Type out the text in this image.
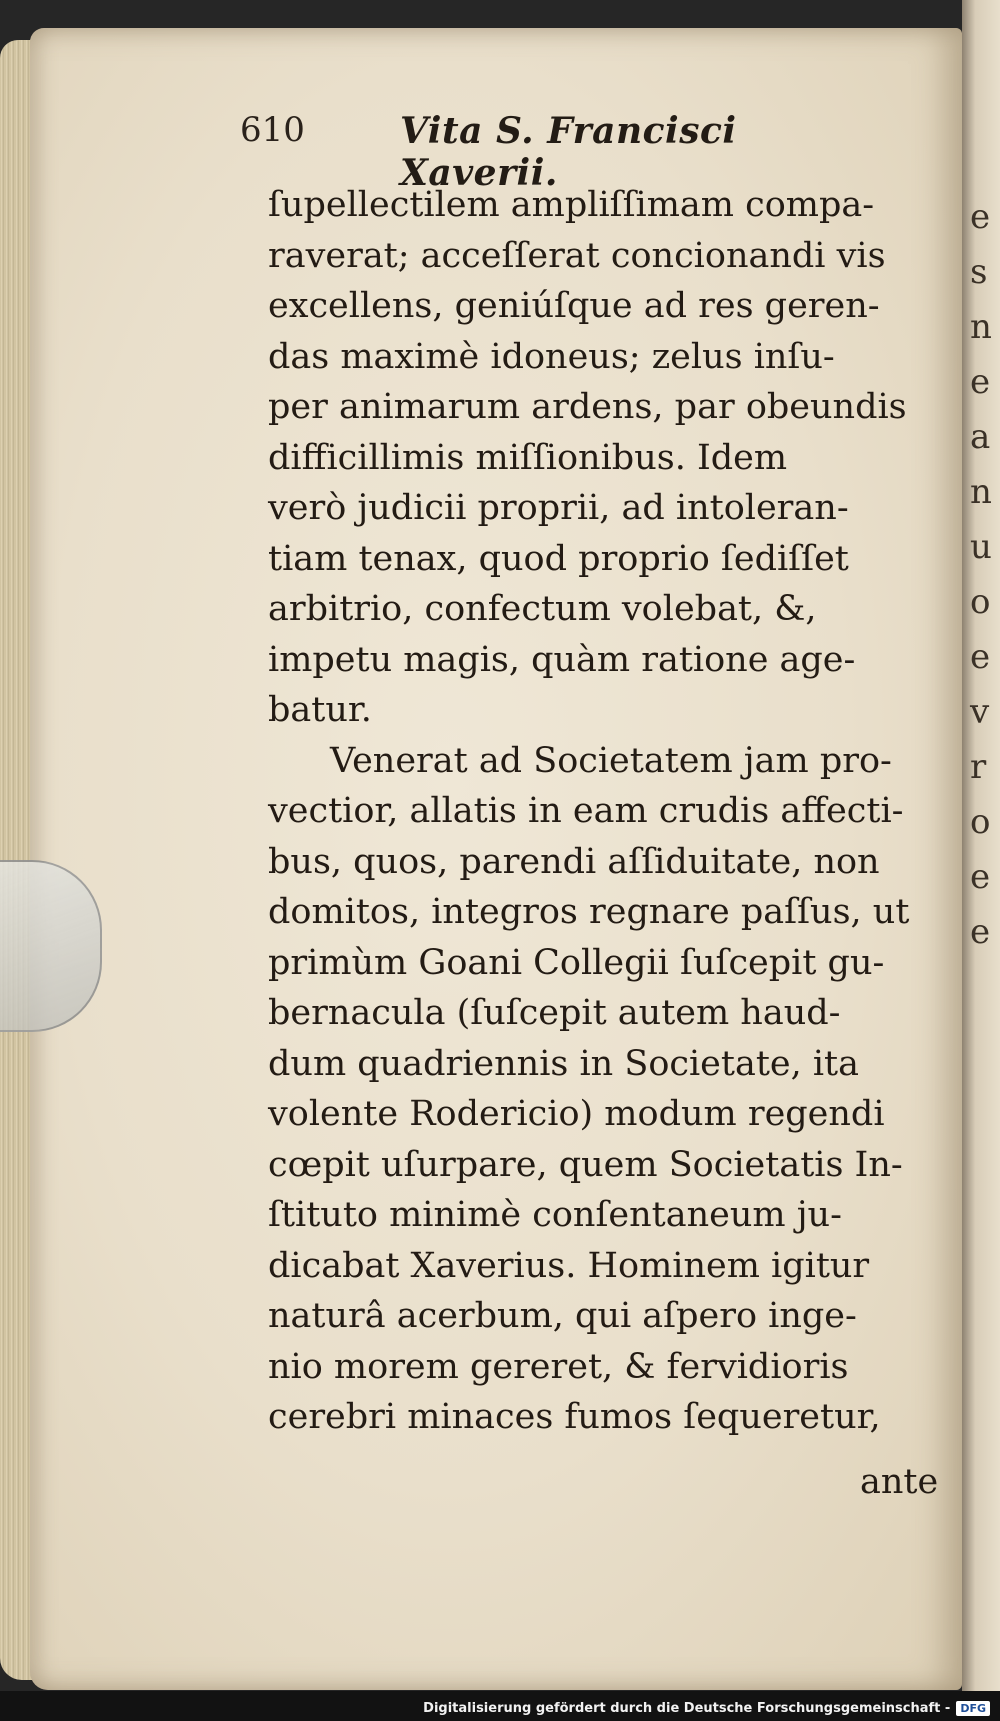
e
s
n
e
a
n
u
o
e
v
r
o
e
e
610	Vita S. Francisci Xaverii.
ſupellectilem ampliſſimam compa-
raverat; acceſſerat concionandi vis
excellens, geniúſque ad res geren-
das maximè idoneus; zelus inſu-
per animarum ardens, par obeundis
difficillimis miſſionibus. Idem
verò judicii proprii, ad intoleran-
tiam tenax, quod proprio ſediſſet
arbitrio, confectum volebat, &,
impetu magis, quàm ratione age-
batur.
Venerat ad Societatem jam pro-
vectior, allatis in eam crudis affecti-
bus, quos, parendi aſſiduitate, non
domitos, integros regnare paſſus, ut
primùm Goani Collegii ſuſcepit gu-
bernacula (ſuſcepit autem haud-
dum quadriennis in Societate, ita
volente Rodericio) modum regendi
cœpit uſurpare, quem Societatis In-
ſtituto minimè conſentaneum ju-
dicabat Xaverius. Hominem igitur
naturâ acerbum, qui aſpero inge-
nio morem gereret, & fervidioris
cerebri minaces fumos ſequeretur,
ante
Digitalisierung gefördert durch die Deutsche Forschungsgemeinschaft - DFG
